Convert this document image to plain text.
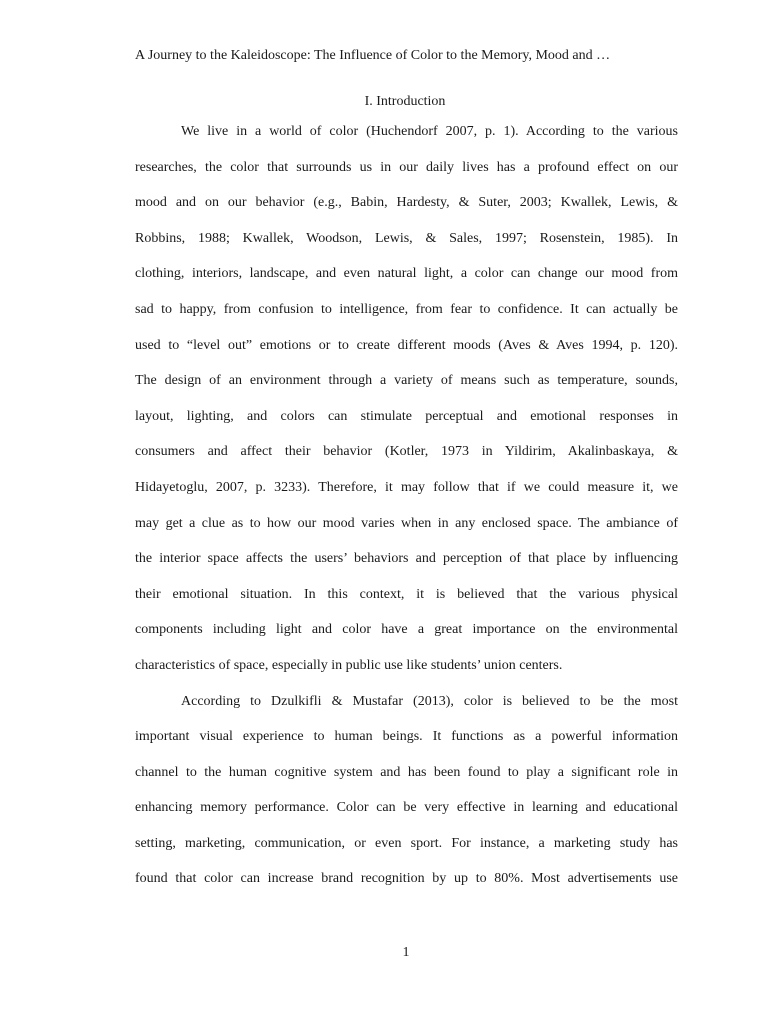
A Journey to the Kaleidoscope: The Influence of Color to the Memory, Mood and …
I. Introduction
We live in a world of color (Huchendorf 2007, p. 1). According to the various
researches, the color that surrounds us in our daily lives has a profound effect on our
mood and on our behavior (e.g., Babin, Hardesty, & Suter, 2003; Kwallek, Lewis, &
Robbins, 1988; Kwallek, Woodson, Lewis, & Sales, 1997; Rosenstein, 1985). In
clothing, interiors, landscape, and even natural light, a color can change our mood from
sad to happy, from confusion to intelligence, from fear to confidence. It can actually be
used to “level out” emotions or to create different moods (Aves & Aves 1994, p. 120).
The design of an environment through a variety of means such as temperature, sounds,
layout, lighting, and colors can stimulate perceptual and emotional responses in
consumers and affect their behavior (Kotler, 1973 in Yildirim, Akalinbaskaya, &
Hidayetoglu, 2007, p. 3233). Therefore, it may follow that if we could measure it, we
may get a clue as to how our mood varies when in any enclosed space. The ambiance of
the interior space affects the users’ behaviors and perception of that place by influencing
their emotional situation. In this context, it is believed that the various physical
components including light and color have a great importance on the environmental
characteristics of space, especially in public use like students’ union centers.
According to Dzulkifli & Mustafar (2013), color is believed to be the most
important visual experience to human beings. It functions as a powerful information
channel to the human cognitive system and has been found to play a significant role in
enhancing memory performance. Color can be very effective in learning and educational
setting, marketing, communication, or even sport. For instance, a marketing study has
found that color can increase brand recognition by up to 80%. Most advertisements use
1
